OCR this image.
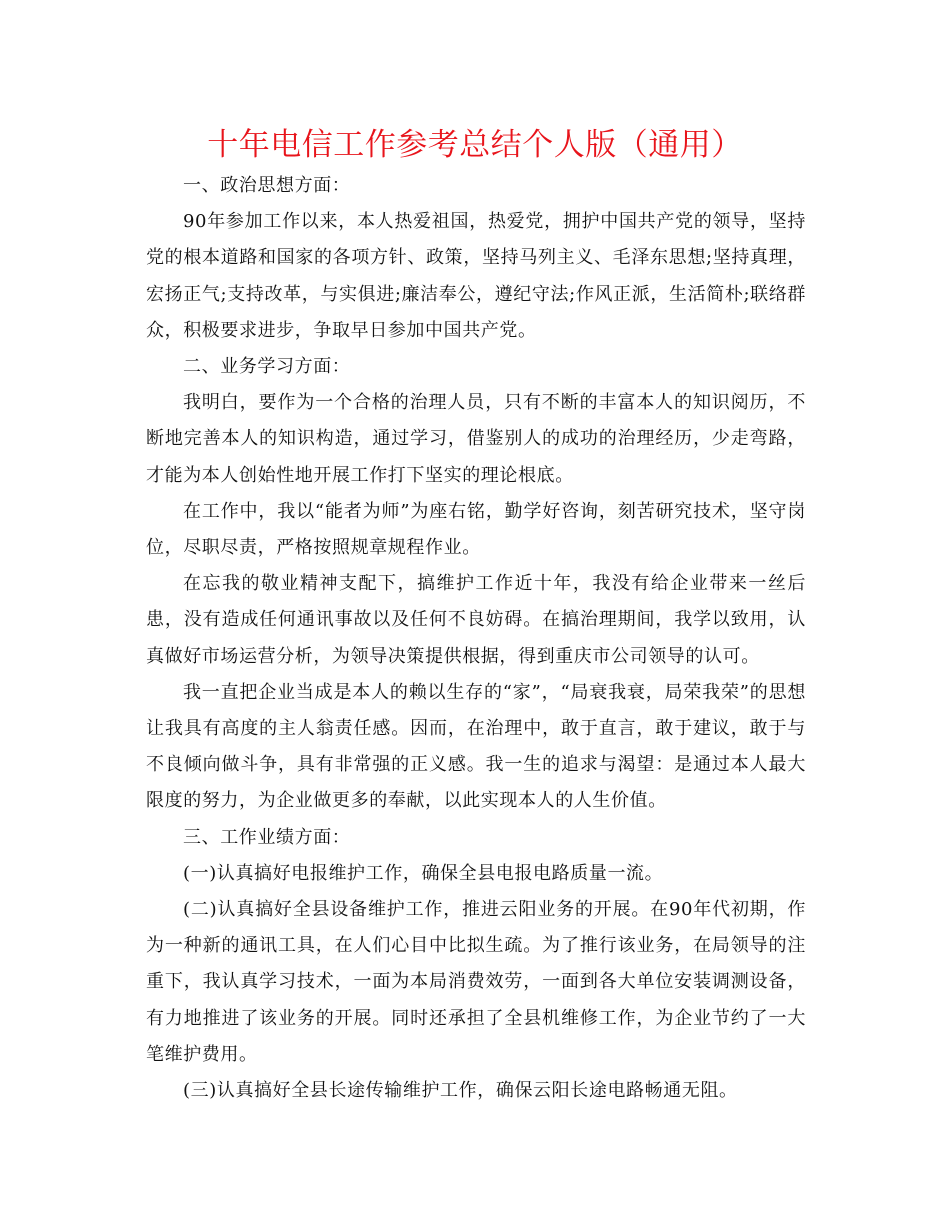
十年电信工作参考总结个人版（通用）

一、政治思想方面：

90年参加工作以来，本人热爱祖国，热爱党，拥护中国共产党的领导，坚持党的根本道路和国家的各项方针、政策，坚持马列主义、毛泽东思想;坚持真理，宏扬正气;支持改革，与实俱进;廉洁奉公，遵纪守法;作风正派，生活简朴;联络群众，积极要求进步，争取早日参加中国共产党。

二、业务学习方面：

我明白，要作为一个合格的治理人员，只有不断的丰富本人的知识阅历，不断地完善本人的知识构造，通过学习，借鉴别人的成功的治理经历，少走弯路，才能为本人创始性地开展工作打下坚实的理论根底。

在工作中，我以“能者为师”为座右铭，勤学好咨询，刻苦研究技术，坚守岗位，尽职尽责，严格按照规章规程作业。

在忘我的敬业精神支配下，搞维护工作近十年，我没有给企业带来一丝后患，没有造成任何通讯事故以及任何不良妨碍。在搞治理期间，我学以致用，认真做好市场运营分析，为领导决策提供根据，得到重庆市公司领导的认可。

我一直把企业当成是本人的赖以生存的“家”，“局衰我衰，局荣我荣”的思想让我具有高度的主人翁责任感。因而，在治理中，敢于直言，敢于建议，敢于与不良倾向做斗争，具有非常强的正义感。我一生的追求与渴望：是通过本人最大限度的努力，为企业做更多的奉献，以此实现本人的人生价值。

三、工作业绩方面：

(一)认真搞好电报维护工作，确保全县电报电路质量一流。

(二)认真搞好全县设备维护工作，推进云阳业务的开展。在90年代初期，作为一种新的通讯工具，在人们心目中比拟生疏。为了推行该业务，在局领导的注重下，我认真学习技术，一面为本局消费效劳，一面到各大单位安装调测设备，有力地推进了该业务的开展。同时还承担了全县机维修工作，为企业节约了一大笔维护费用。

(三)认真搞好全县长途传输维护工作，确保云阳长途电路畅通无阻。
